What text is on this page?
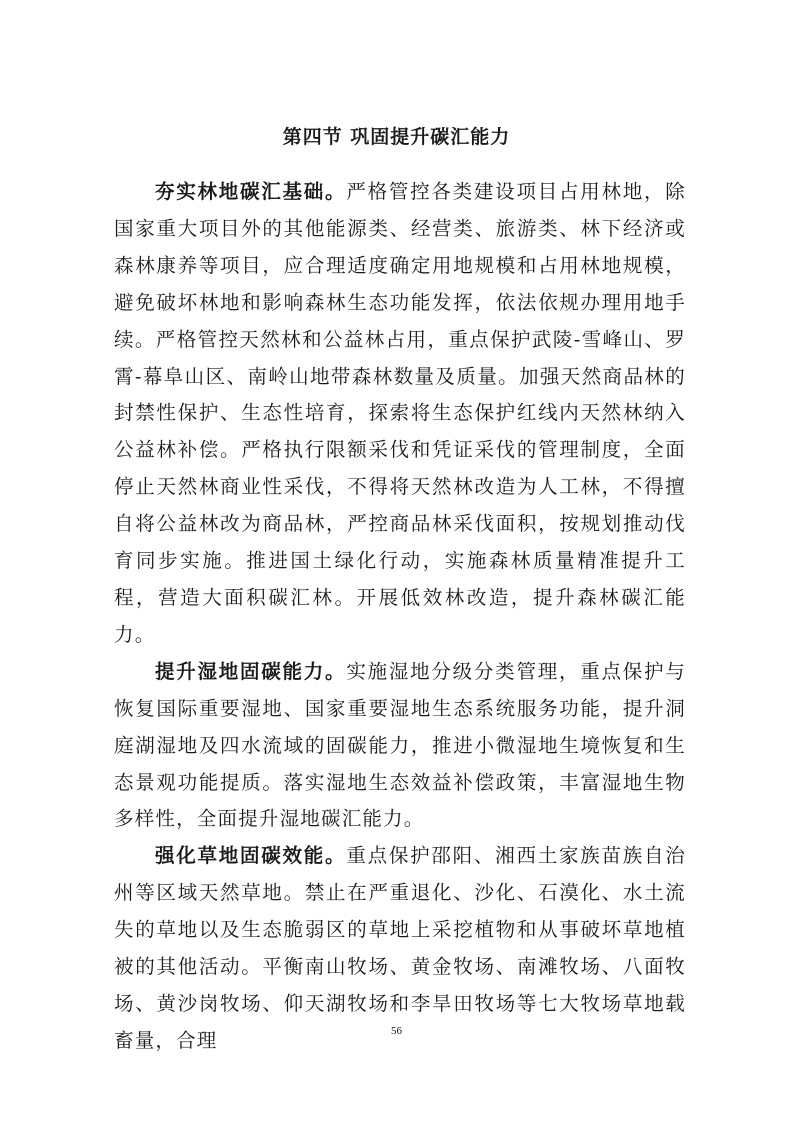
第四节 巩固提升碳汇能力

夯实林地碳汇基础。严格管控各类建设项目占用林地，除国家重大项目外的其他能源类、经营类、旅游类、林下经济或森林康养等项目，应合理适度确定用地规模和占用林地规模，避免破坏林地和影响森林生态功能发挥，依法依规办理用地手续。严格管控天然林和公益林占用，重点保护武陵-雪峰山、罗霄-幕阜山区、南岭山地带森林数量及质量。加强天然商品林的封禁性保护、生态性培育，探索将生态保护红线内天然林纳入公益林补偿。严格执行限额采伐和凭证采伐的管理制度，全面停止天然林商业性采伐，不得将天然林改造为人工林，不得擅自将公益林改为商品林，严控商品林采伐面积，按规划推动伐育同步实施。推进国土绿化行动，实施森林质量精准提升工程，营造大面积碳汇林。开展低效林改造，提升森林碳汇能力。

提升湿地固碳能力。实施湿地分级分类管理，重点保护与恢复国际重要湿地、国家重要湿地生态系统服务功能，提升洞庭湖湿地及四水流域的固碳能力，推进小微湿地生境恢复和生态景观功能提质。落实湿地生态效益补偿政策，丰富湿地生物多样性，全面提升湿地碳汇能力。

强化草地固碳效能。重点保护邵阳、湘西土家族苗族自治州等区域天然草地。禁止在严重退化、沙化、石漠化、水土流失的草地以及生态脆弱区的草地上采挖植物和从事破坏草地植被的其他活动。平衡南山牧场、黄金牧场、南滩牧场、八面牧场、黄沙岗牧场、仰天湖牧场和李旱田牧场等七大牧场草地载畜量，合理	56
